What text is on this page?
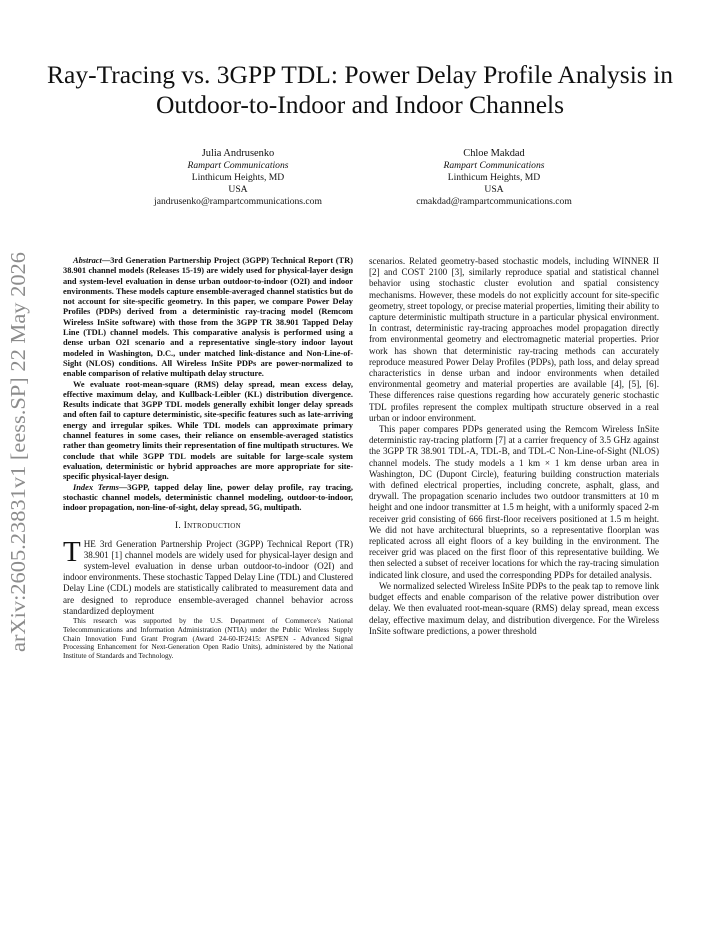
Ray-Tracing vs. 3GPP TDL: Power Delay Profile Analysis in Outdoor-to-Indoor and Indoor Channels
Julia Andrusenko
Rampart Communications
Linthicum Heights, MD
USA
jandrusenko@rampartcommunications.com
Chloe Makdad
Rampart Communications
Linthicum Heights, MD
USA
cmakdad@rampartcommunications.com
arXiv:2605.23831v1 [eess.SP] 22 May 2026

Abstract—3rd Generation Partnership Project (3GPP) Technical Report (TR) 38.901 channel models (Releases 15-19) are widely used for physical-layer design and system-level evaluation in dense urban outdoor-to-indoor (O2I) and indoor environments. These models capture ensemble-averaged channel statistics but do not account for site-specific geometry. In this paper, we compare Power Delay Profiles (PDPs) derived from a deterministic ray-tracing model (Remcom Wireless InSite software) with those from the 3GPP TR 38.901 Tapped Delay Line (TDL) channel models. This comparative analysis is performed using a dense urban O2I scenario and a representative single-story indoor layout modeled in Washington, D.C., under matched link-distance and Non-Line-of-Sight (NLOS) conditions. All Wireless InSite PDPs are power-normalized to enable comparison of relative multipath delay structure.

We evaluate root-mean-square (RMS) delay spread, mean excess delay, effective maximum delay, and Kullback-Leibler (KL) distribution divergence. Results indicate that 3GPP TDL models generally exhibit longer delay spreads and often fail to capture deterministic, site-specific features such as late-arriving energy and irregular spikes. While TDL models can approximate primary channel features in some cases, their reliance on ensemble-averaged statistics rather than geometry limits their representation of fine multipath structures. We conclude that while 3GPP TDL models are suitable for large-scale system evaluation, deterministic or hybrid approaches are more appropriate for site-specific physical-layer design.

Index Terms—3GPP, tapped delay line, power delay profile, ray tracing, stochastic channel models, deterministic channel modeling, outdoor-to-indoor, indoor propagation, non-line-of-sight, delay spread, 5G, multipath.

I. Introduction

THE 3rd Generation Partnership Project (3GPP) Technical Report (TR) 38.901 [1] channel models are widely used for physical-layer design and system-level evaluation in dense urban outdoor-to-indoor (O2I) and indoor environments. These stochastic Tapped Delay Line (TDL) and Clustered Delay Line (CDL) models are statistically calibrated to measurement data and are designed to reproduce ensemble-averaged channel behavior across standardized deployment

This research was supported by the U.S. Department of Commerce's National Telecommunications and Information Administration (NTIA) under the Public Wireless Supply Chain Innovation Fund Grant Program (Award 24-60-IF2415: ASPEN - Advanced Signal Processing Enhancement for Next-Generation Open Radio Units), administered by the National Institute of Standards and Technology.

scenarios. Related geometry-based stochastic models, including WINNER II [2] and COST 2100 [3], similarly reproduce spatial and statistical channel behavior using stochastic cluster evolution and spatial consistency mechanisms. However, these models do not explicitly account for site-specific geometry, street topology, or precise material properties, limiting their ability to capture deterministic multipath structure in a particular physical environment. In contrast, deterministic ray-tracing approaches model propagation directly from environmental geometry and electromagnetic material properties. Prior work has shown that deterministic ray-tracing methods can accurately reproduce measured Power Delay Profiles (PDPs), path loss, and delay spread characteristics in dense urban and indoor environments when detailed environmental geometry and material properties are available [4], [5], [6]. These differences raise questions regarding how accurately generic stochastic TDL profiles represent the complex multipath structure observed in a real urban or indoor environment.

This paper compares PDPs generated using the Remcom Wireless InSite deterministic ray-tracing platform [7] at a carrier frequency of 3.5 GHz against the 3GPP TR 38.901 TDL-A, TDL-B, and TDL-C Non-Line-of-Sight (NLOS) channel models. The study models a 1 km × 1 km dense urban area in Washington, DC (Dupont Circle), featuring building construction materials with defined electrical properties, including concrete, asphalt, glass, and drywall. The propagation scenario includes two outdoor transmitters at 10 m height and one indoor transmitter at 1.5 m height, with a uniformly spaced 2-m receiver grid consisting of 666 first-floor receivers positioned at 1.5 m height. We did not have architectural blueprints, so a representative floorplan was replicated across all eight floors of a key building in the environment. The receiver grid was placed on the first floor of this representative building. We then selected a subset of receiver locations for which the ray-tracing simulation indicated link closure, and used the corresponding PDPs for detailed analysis.

We normalized selected Wireless InSite PDPs to the peak tap to remove link budget effects and enable comparison of the relative power distribution over delay. We then evaluated root-mean-square (RMS) delay spread, mean excess delay, effective maximum delay, and distribution divergence. For the Wireless InSite software predictions, a power threshold
